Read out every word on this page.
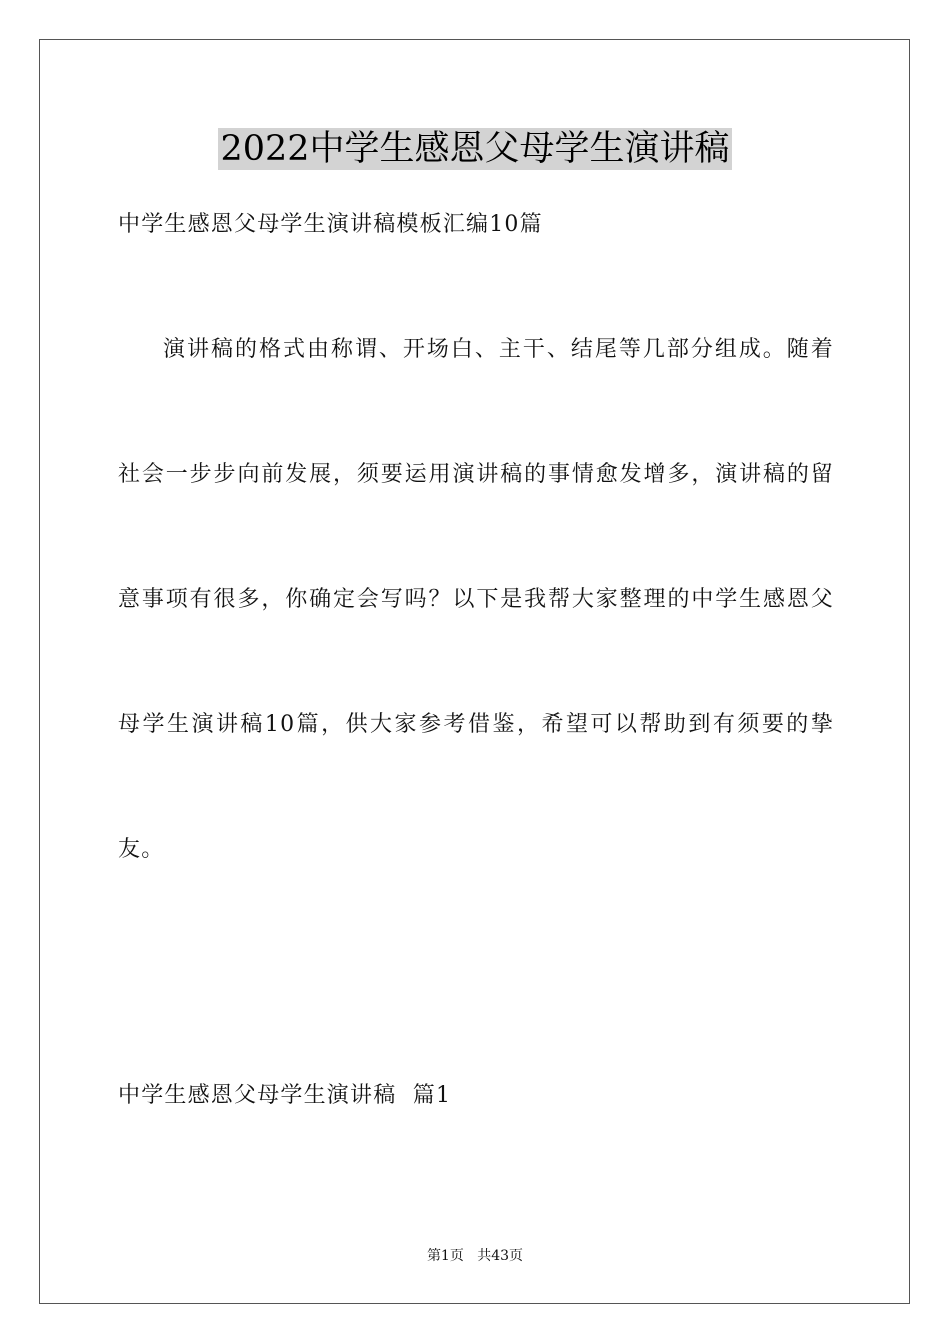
2022中学生感恩父母学生演讲稿
中学生感恩父母学生演讲稿模板汇编10篇
演讲稿的格式由称谓、开场白、主干、结尾等几部分组成。随着
社会一步步向前发展，须要运用演讲稿的事情愈发增多，演讲稿的留
意事项有很多，你确定会写吗？以下是我帮大家整理的中学生感恩父
母学生演讲稿10篇，供大家参考借鉴，希望可以帮助到有须要的挚
友。
中学生感恩父母学生演讲稿  篇1
第1页 共43页
